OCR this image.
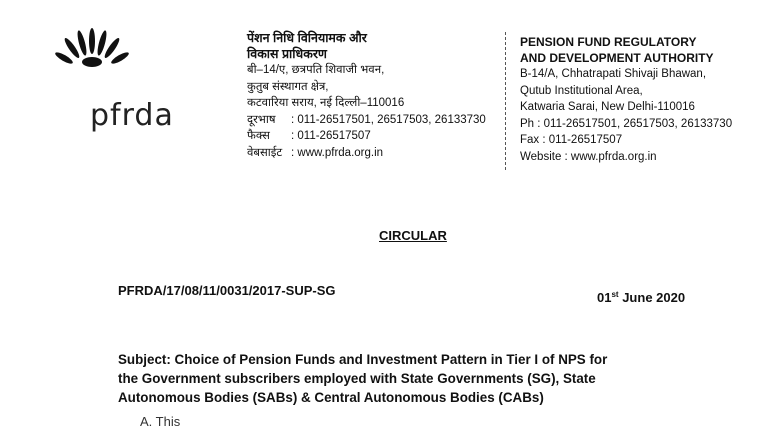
pfrda
पेंशन निधि विनियामक और
विकास प्राधिकरण
बी–14/ए, छत्रपति शिवाजी भवन,
कुतुब संस्थागत क्षेत्र,
कटवारिया सराय, नई दिल्ली–110016
दूरभाष	: 011-26517501, 26517503, 26133730
फैक्स	: 011-26517507
वेबसाईट : www.pfrda.org.in
PENSION FUND REGULATORY
AND DEVELOPMENT AUTHORITY
B-14/A, Chhatrapati Shivaji Bhawan,
Qutub Institutional Area,
Katwaria Sarai, New Delhi-110016
Ph : 011-26517501, 26517503, 26133730
Fax : 011-26517507
Website : www.pfrda.org.in
CIRCULAR
PFRDA/17/08/11/0031/2017-SUP-SG	01st June 2020
Subject: Choice of Pension Funds and Investment Pattern in Tier I of NPS for
the Government subscribers employed with State Governments (SG), State
Autonomous Bodies (SABs) & Central Autonomous Bodies (CABs)
A. This
